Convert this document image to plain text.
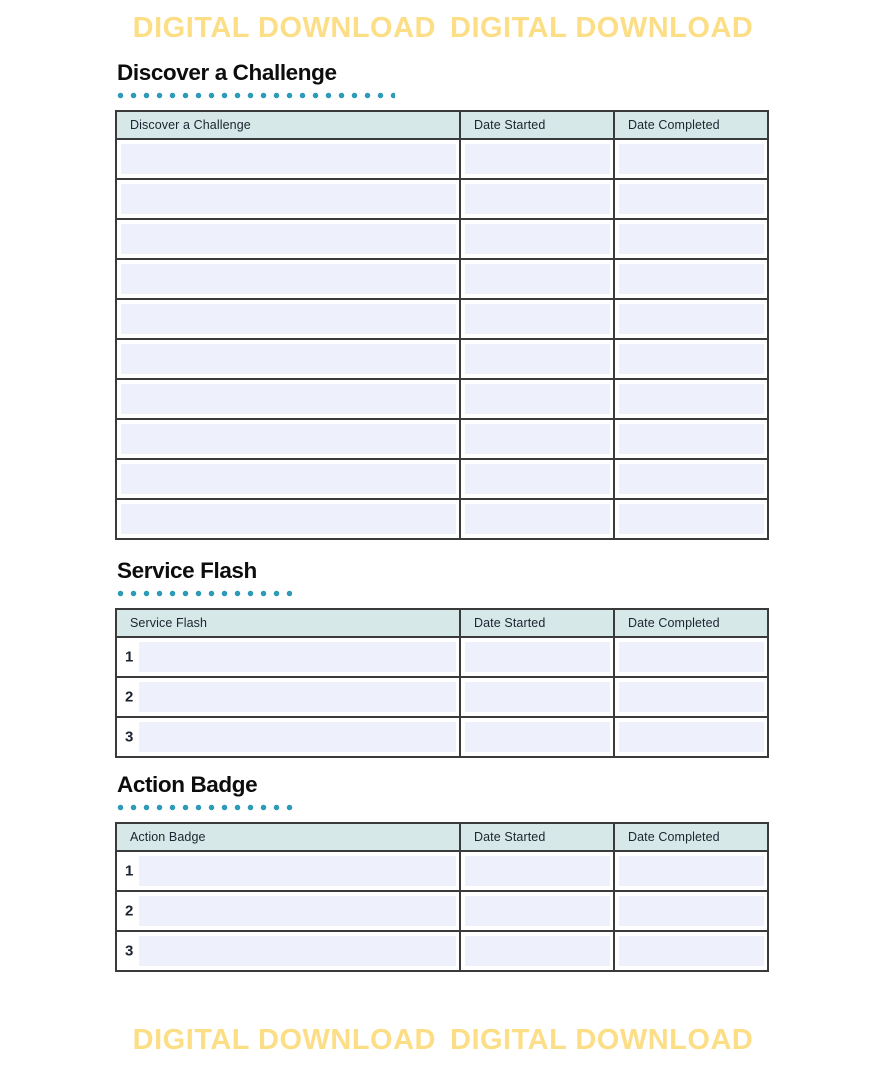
DIGITAL DOWNLOAD DIGITAL DOWNLOAD
Discover a Challenge
Discover a Challenge	Date Started	Date Completed

Service Flash
Service Flash	Date Started	Date Completed

1		

2		

3		

Action Badge
Action Badge	Date Started	Date Completed

1		

2		

3		

DIGITAL DOWNLOAD DIGITAL DOWNLOAD
